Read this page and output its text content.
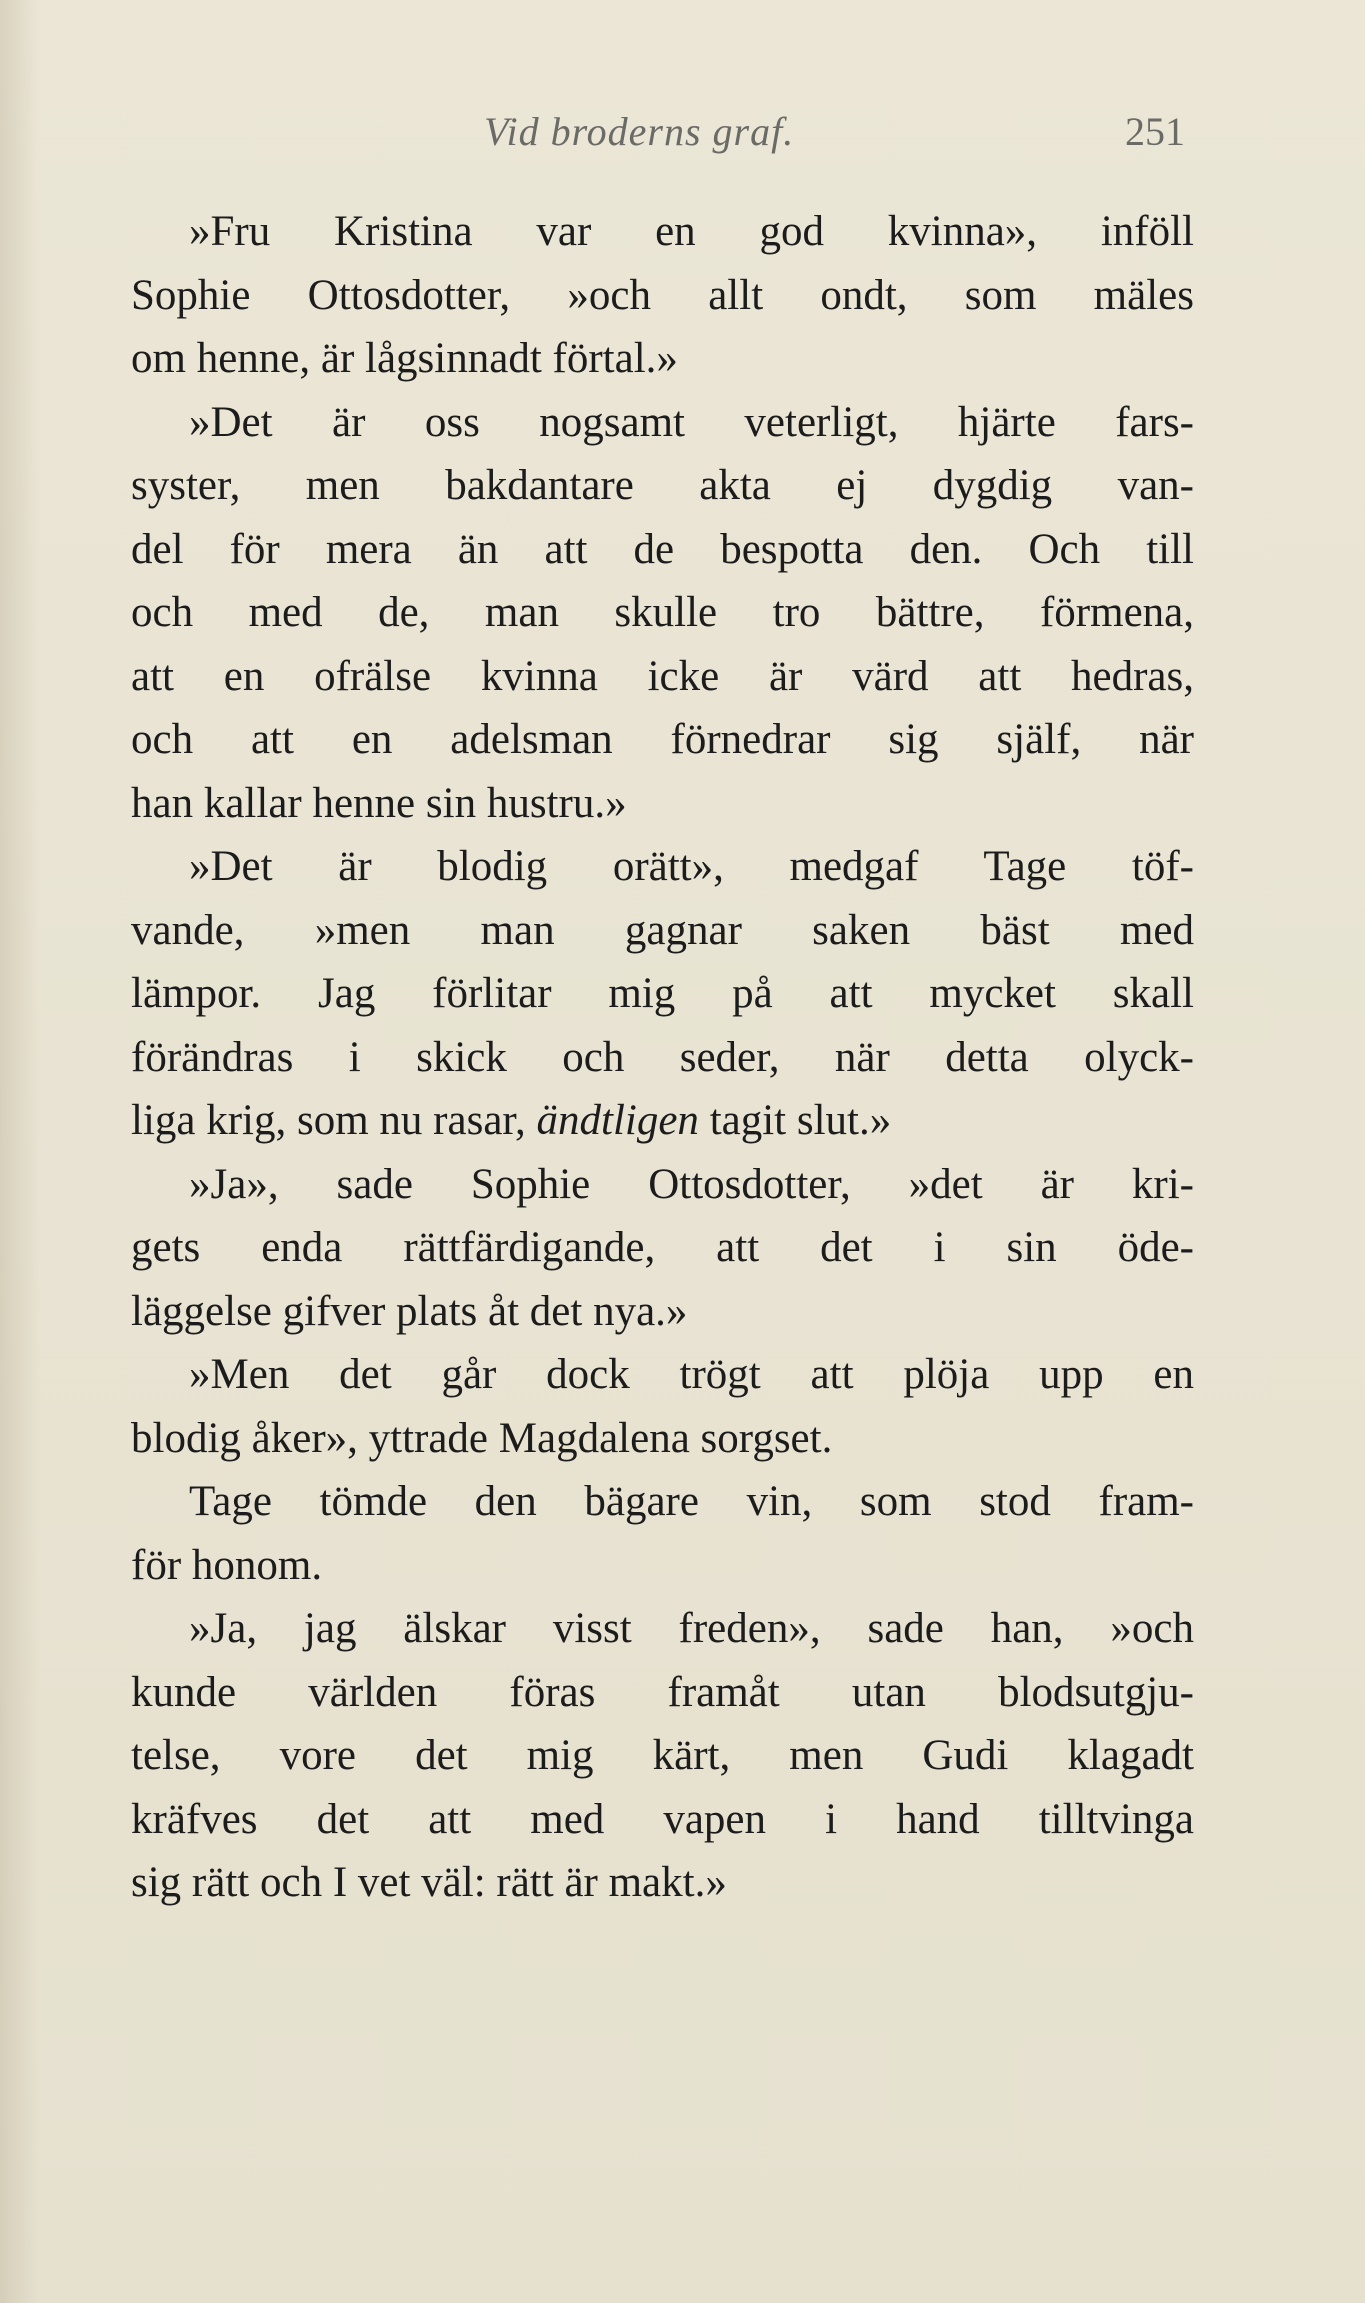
Vid broderns graf.	251
»Fru Kristina var en god kvinna», inföll
Sophie Ottosdotter, »och allt ondt, som mäles
om henne, är lågsinnadt förtal.»
»Det är oss nogsamt veterligt, hjärte fars-
syster, men bakdantare akta ej dygdig van-
del för mera än att de bespotta den. Och till
och med de, man skulle tro bättre, förmena,
att en ofrälse kvinna icke är värd att hedras,
och att en adelsman förnedrar sig själf, när
han kallar henne sin hustru.»
»Det är blodig orätt», medgaf Tage töf-
vande, »men man gagnar saken bäst med
lämpor. Jag förlitar mig på att mycket skall
förändras i skick och seder, när detta olyck-
liga krig, som nu rasar, ändtligen tagit slut.»
»Ja», sade Sophie Ottosdotter, »det är kri-
gets enda rättfärdigande, att det i sin öde-
läggelse gifver plats åt det nya.»
»Men det går dock trögt att plöja upp en
blodig åker», yttrade Magdalena sorgset.
Tage tömde den bägare vin, som stod fram-
för honom.
»Ja, jag älskar visst freden», sade han, »och
kunde världen föras framåt utan blodsutgju-
telse, vore det mig kärt, men Gudi klagadt
kräfves det att med vapen i hand tilltvinga
sig rätt och I vet väl: rätt är makt.»
